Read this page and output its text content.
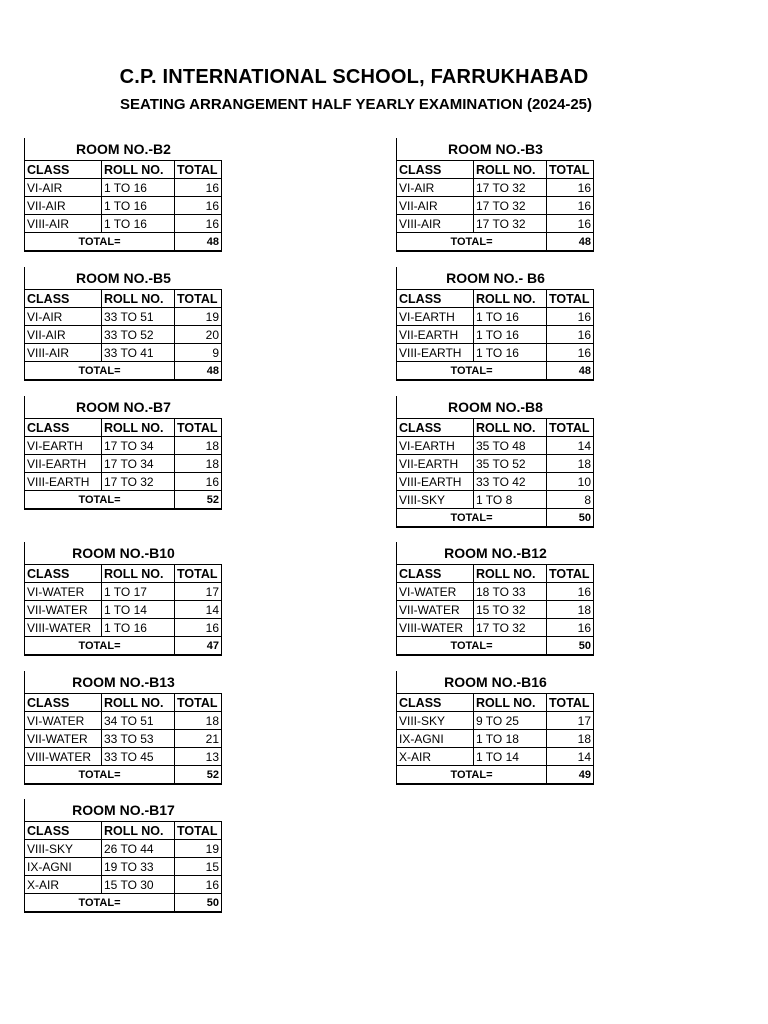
C.P. INTERNATIONAL SCHOOL, FARRUKHABAD
SEATING ARRANGEMENT HALF YEARLY EXAMINATION (2024-25)
ROOM NO.-B2
CLASS	ROLL NO.	TOTAL
VI-AIR	1 TO 16	16
VII-AIR	1 TO 16	16
VIII-AIR	1 TO 16	16
TOTAL=		48
ROOM NO.-B3
CLASS	ROLL NO.	TOTAL
VI-AIR	17 TO 32	16
VII-AIR	17 TO 32	16
VIII-AIR	17 TO 32	16
TOTAL=		48
ROOM NO.-B5
CLASS	ROLL NO.	TOTAL
VI-AIR	33 TO 51	19
VII-AIR	33 TO 52	20
VIII-AIR	33 TO 41	9
TOTAL=		48
ROOM NO.- B6
CLASS	ROLL NO.	TOTAL
VI-EARTH	1 TO 16	16
VII-EARTH	1 TO 16	16
VIII-EARTH	1 TO 16	16
TOTAL=		48
ROOM NO.-B7
CLASS	ROLL NO.	TOTAL
VI-EARTH	17 TO 34	18
VII-EARTH	17 TO 34	18
VIII-EARTH	17 TO 32	16
TOTAL=		52
ROOM NO.-B8
CLASS	ROLL NO.	TOTAL
VI-EARTH	35 TO 48	14
VII-EARTH	35 TO 52	18
VIII-EARTH	33 TO 42	10
VIII-SKY	1 TO 8	8
TOTAL=		50
ROOM NO.-B10
CLASS	ROLL NO.	TOTAL
VI-WATER	1 TO 17	17
VII-WATER	1 TO 14	14
VIII-WATER	1 TO 16	16
TOTAL=		47
ROOM NO.-B12
CLASS	ROLL NO.	TOTAL
VI-WATER	18 TO 33	16
VII-WATER	15 TO 32	18
VIII-WATER	17 TO 32	16
TOTAL=		50
ROOM NO.-B13
CLASS	ROLL NO.	TOTAL
VI-WATER	34 TO 51	18
VII-WATER	33 TO 53	21
VIII-WATER	33 TO 45	13
TOTAL=		52
ROOM NO.-B16
CLASS	ROLL NO.	TOTAL
VIII-SKY	9 TO 25	17
IX-AGNI	1 TO 18	18
X-AIR	1 TO 14	14
TOTAL=		49
ROOM NO.-B17
CLASS	ROLL NO.	TOTAL
VIII-SKY	26 TO 44	19
IX-AGNI	19 TO 33	15
X-AIR	15 TO 30	16
TOTAL=		50
